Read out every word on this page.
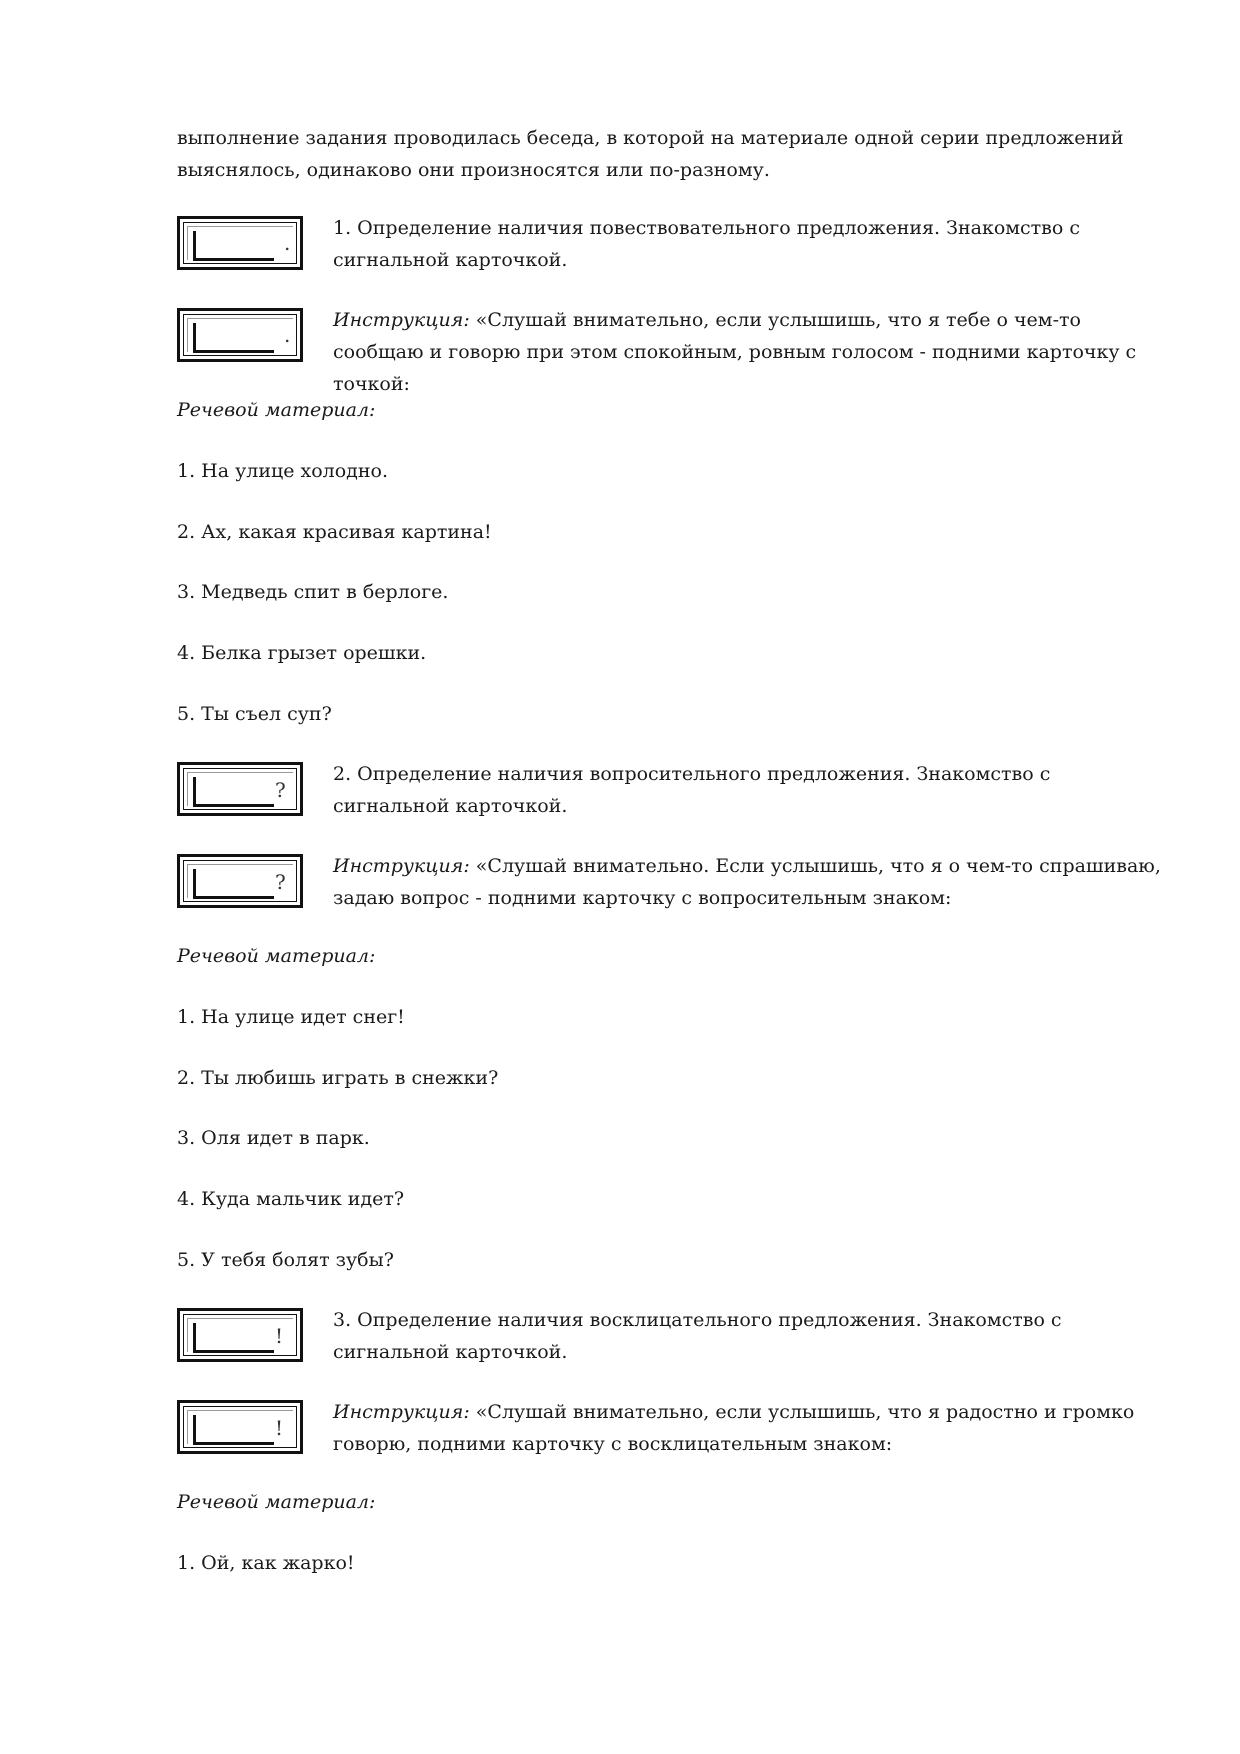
выполнение задания проводилась беседа, в которой на материале одной серии предложений выяснялось, одинаково они произносятся или по-разному.

.
1. Определение наличия повествовательного предложения. Знакомство с сигнальной карточкой.
.
Инструкция: «Слушай внимательно, если услышишь, что я тебе о чем-то сообщаю и говорю при этом спокойным, ровным голосом - подними карточку с точкой:
Речевой материал:
1. На улице холодно.
2. Ах, какая красивая картина!
3. Медведь спит в берлоге.
4. Белка грызет орешки.
5. Ты съел суп?
?
2. Определение наличия вопросительного предложения. Знакомство с сигнальной карточкой.
?
Инструкция: «Слушай внимательно. Если услышишь, что я о чем-то спрашиваю, задаю вопрос - подними карточку с вопросительным знаком:
Речевой материал:
1. На улице идет снег!
2. Ты любишь играть в снежки?
3. Оля идет в парк.
4. Куда мальчик идет?
5. У тебя болят зубы?
!
3. Определение наличия восклицательного предложения. Знакомство с сигнальной карточкой.
!
Инструкция: «Слушай внимательно, если услышишь, что я радостно и громко говорю, подними карточку с восклицательным знаком:
Речевой материал:
1. Ой, как жарко!
